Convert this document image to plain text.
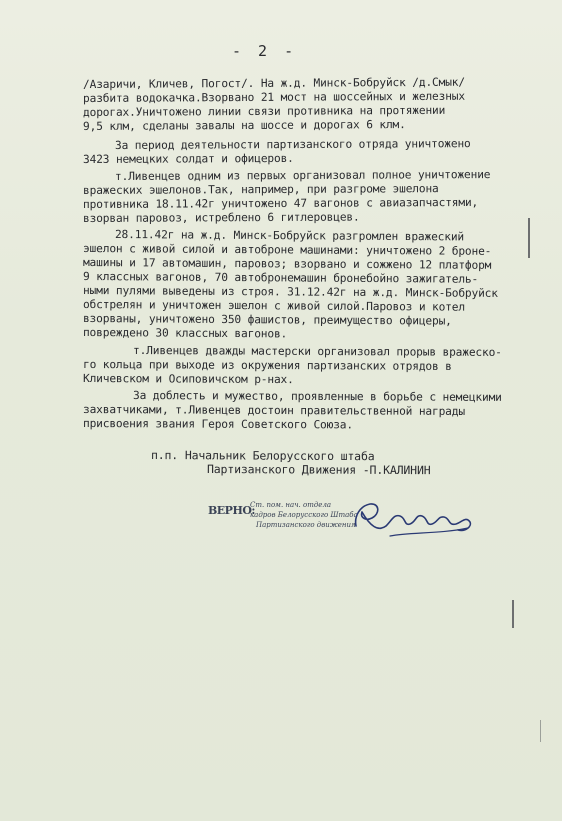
- 2 -
/Азаричи, Кличев, Погост/. На ж.д. Минск-Бобруйск /д.Смык/
разбита водокачка.Взорвано 21 мост на шоссейных и железных
дорогах.Уничтожено линии связи противника на протяжении
9,5 клм, сделаны завалы на шоссе и дорогах 6 клм.
За период деятельности партизанского отряда уничтожено
3423 немецких солдат и офицеров.
т.Ливенцев одним из первых организовал полное уничтожение
вражеских эшелонов.Так, например, при разгроме эшелона
противника 18.11.42г уничтожено 47 вагонов с авиазапчастями,
взорван паровоз, истреблено 6 гитлеровцев.
28.11.42г на ж.д. Минск-Бобруйск разгромлен вражеский
эшелон с живой силой и автоброне машинами: уничтожено 2 бронe-
машины и 17 автомашин, паровоз; взорвано и сожжено 12 платформ
9 классных вагонов, 70 автобронемашин бронебойно зажигатель-
ными пулями выведены из строя. 31.12.42г на ж.д. Минск-Бобруйск
обстрелян и уничтожен эшелон с живой силой.Паровоз и котел
взорваны, уничтожено 350 фашистов, преимущество офицеры,
повреждено 30 классных вагонов.
т.Ливенцев дважды мастерски организовал прорыв вражеско-
го кольца при выходе из окружения партизанских отрядов в
Кличевском и Осиповичском р-нах.
За доблесть и мужество, проявленные в борьбе с немецкими
захватчиками, т.Ливенцев достоин правительственной награды
присвоения звания Героя Советского Союза.
п.п. Начальник Белорусского штаба
Партизанского Движения -П.КАЛИНИН
ВЕРНО:
Ст. пом. нач. отдела
кадров Белорусского Штаба
Партизанского движения
